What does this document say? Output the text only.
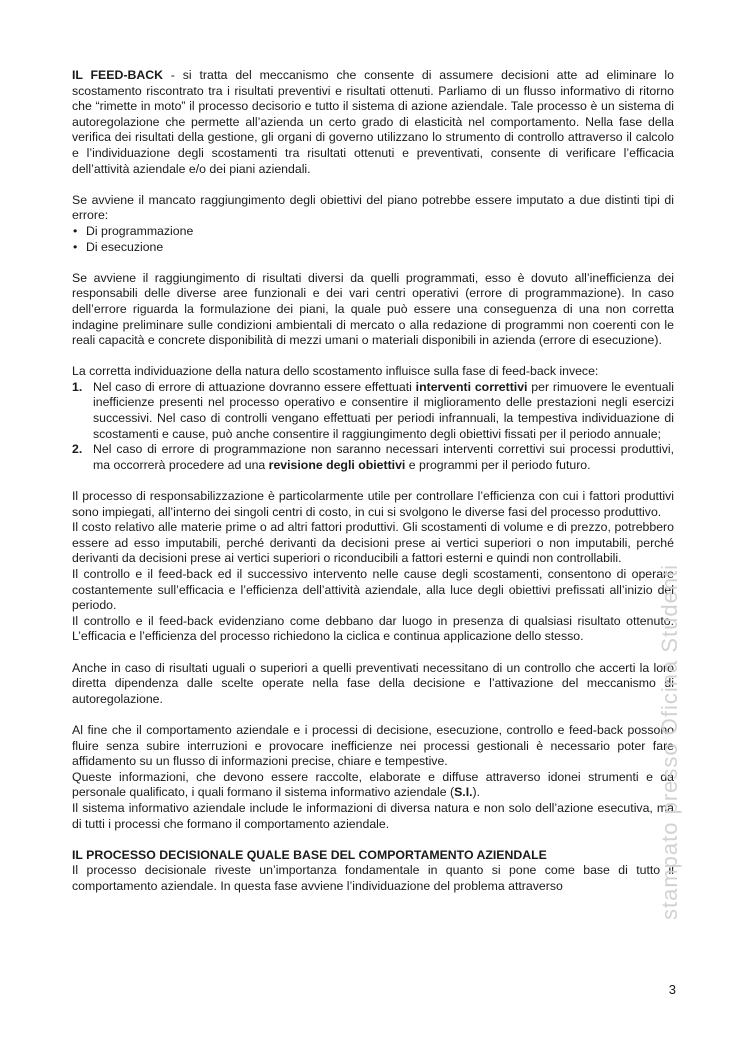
IL FEED-BACK - si tratta del meccanismo che consente di assumere decisioni atte ad eliminare lo scostamento riscontrato tra i risultati preventivi e risultati ottenuti. Parliamo di un flusso informativo di ritorno che “rimette in moto” il processo decisorio e tutto il sistema di azione aziendale. Tale processo è un sistema di autoregolazione che permette all’azienda un certo grado di elasticità nel comportamento. Nella fase della verifica dei risultati della gestione, gli organi di governo utilizzano lo strumento di controllo attraverso il calcolo e l’individuazione degli scostamenti tra risultati ottenuti e preventivati, consente di verificare l’efficacia dell’attività aziendale e/o dei piani aziendali.

Se avviene il mancato raggiungimento degli obiettivi del piano potrebbe essere imputato a due distinti tipi di errore:

• Di programmazione
• Di esecuzione

Se avviene il raggiungimento di risultati diversi da quelli programmati, esso è dovuto all’inefficienza dei responsabili delle diverse aree funzionali e dei vari centri operativi (errore di programmazione). In caso dell’errore riguarda la formulazione dei piani, la quale può essere una conseguenza di una non corretta indagine preliminare sulle condizioni ambientali di mercato o alla redazione di programmi non coerenti con le reali capacità e concrete disponibilità di mezzi umani o materiali disponibili in azienda (errore di esecuzione).

La corretta individuazione della natura dello scostamento influisce sulla fase di feed-back invece:

1. Nel caso di errore di attuazione dovranno essere effettuati interventi correttivi per rimuovere le eventuali inefficienze presenti nel processo operativo e consentire il miglioramento delle prestazioni negli esercizi successivi. Nel caso di controlli vengano effettuati per periodi infrannuali, la tempestiva individuazione di scostamenti e cause, può anche consentire il raggiungimento degli obiettivi fissati per il periodo annuale;
2. Nel caso di errore di programmazione non saranno necessari interventi correttivi sui processi produttivi, ma occorrerà procedere ad una revisione degli obiettivi e programmi per il periodo futuro.

Il processo di responsabilizzazione è particolarmente utile per controllare l’efficienza con cui i fattori produttivi sono impiegati, all’interno dei singoli centri di costo, in cui si svolgono le diverse fasi del processo produttivo.

Il costo relativo alle materie prime o ad altri fattori produttivi. Gli scostamenti di volume e di prezzo, potrebbero essere ad esso imputabili, perché derivanti da decisioni prese ai vertici superiori o non imputabili, perché derivanti da decisioni prese ai vertici superiori o riconducibili a fattori esterni e quindi non controllabili.

Il controllo e il feed-back ed il successivo intervento nelle cause degli scostamenti, consentono di operare costantemente sull’efficacia e l’efficienza dell’attività aziendale, alla luce degli obiettivi prefissati all’inizio del periodo.

Il controllo e il feed-back evidenziano come debbano dar luogo in presenza di qualsiasi risultato ottenuto. L’efficacia e l’efficienza del processo richiedono la ciclica e continua applicazione dello stesso.

Anche in caso di risultati uguali o superiori a quelli preventivati necessitano di un controllo che accerti la loro diretta dipendenza dalle scelte operate nella fase della decisione e l’attivazione del meccanismo di autoregolazione.

Al fine che il comportamento aziendale e i processi di decisione, esecuzione, controllo e feed-back possono fluire senza subire interruzioni e provocare inefficienze nei processi gestionali è necessario poter fare affidamento su un flusso di informazioni precise, chiare e tempestive.

Queste informazioni, che devono essere raccolte, elaborate e diffuse attraverso idonei strumenti e da personale qualificato, i quali formano il sistema informativo aziendale (S.I.).

Il sistema informativo aziendale include le informazioni di diversa natura e non solo dell’azione esecutiva, ma di tutti i processi che formano il comportamento aziendale.

IL PROCESSO DECISIONALE QUALE BASE DEL COMPORTAMENTO AZIENDALE

Il processo decisionale riveste un’importanza fondamentale in quanto si pone come base di tutto il comportamento aziendale. In questa fase avviene l’individuazione del problema attraverso

3
stampato presso Oficina Studenti
